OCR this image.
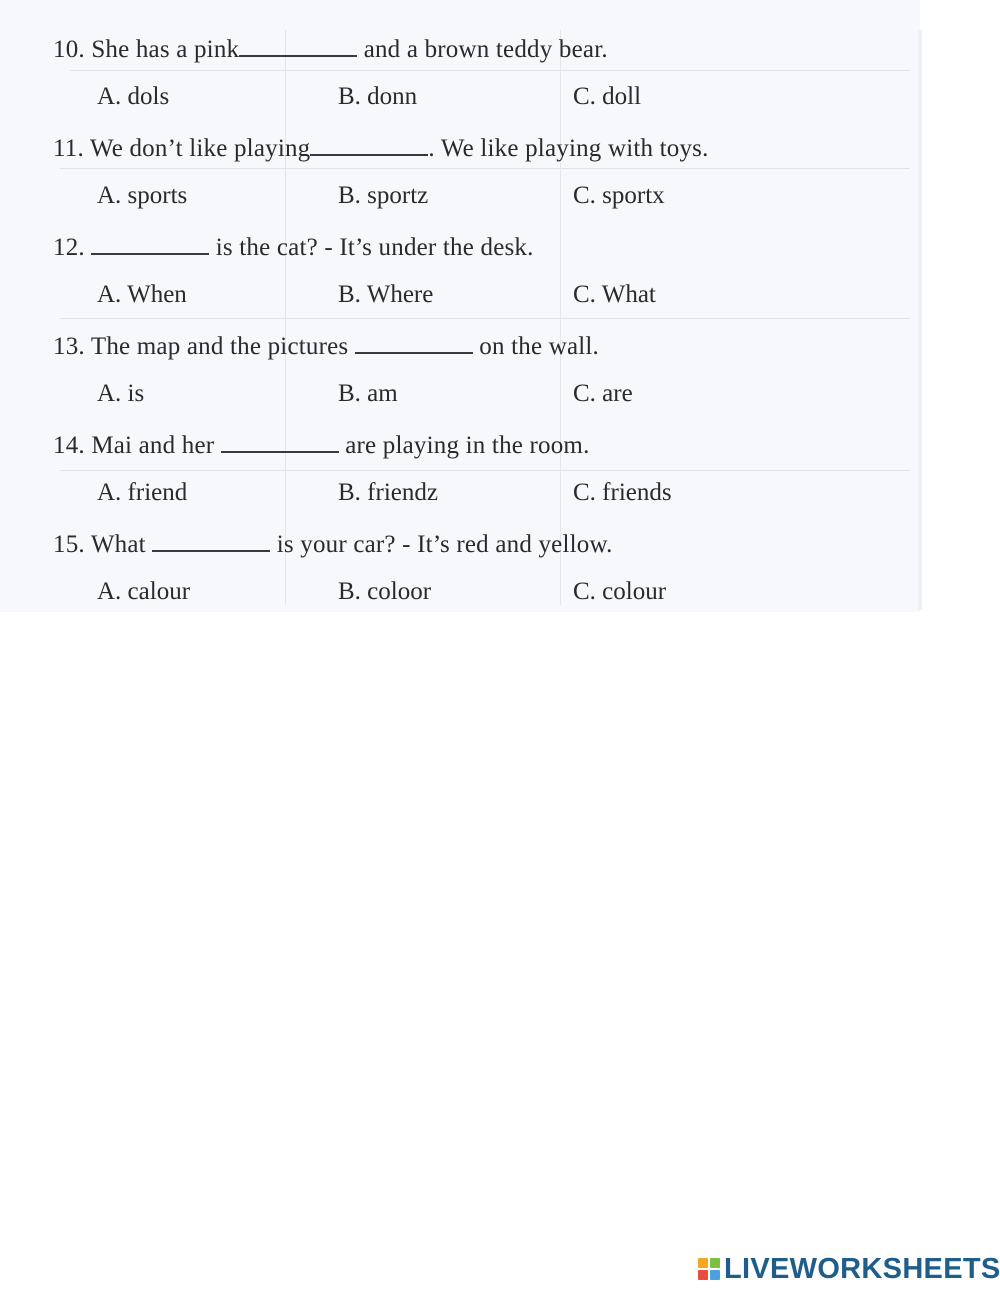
10. She has a pink	and a brown teddy bear.
A. dols	B. donn	C. doll
11. We don’t like playing	. We like playing with toys.
A. sports	B. sportz	C. sportx
12.	is the cat? - It’s under the desk.
A. When	B. Where	C. What
13. The map and the pictures	on the wall.
A. is	B. am	C. are
14. Mai and her	are playing in the room.
A. friend	B. friendz	C. friends
15. What	is your car? - It’s red and yellow.
A. calour	B. coloor	C. colour
LIVEWORKSHEETS
